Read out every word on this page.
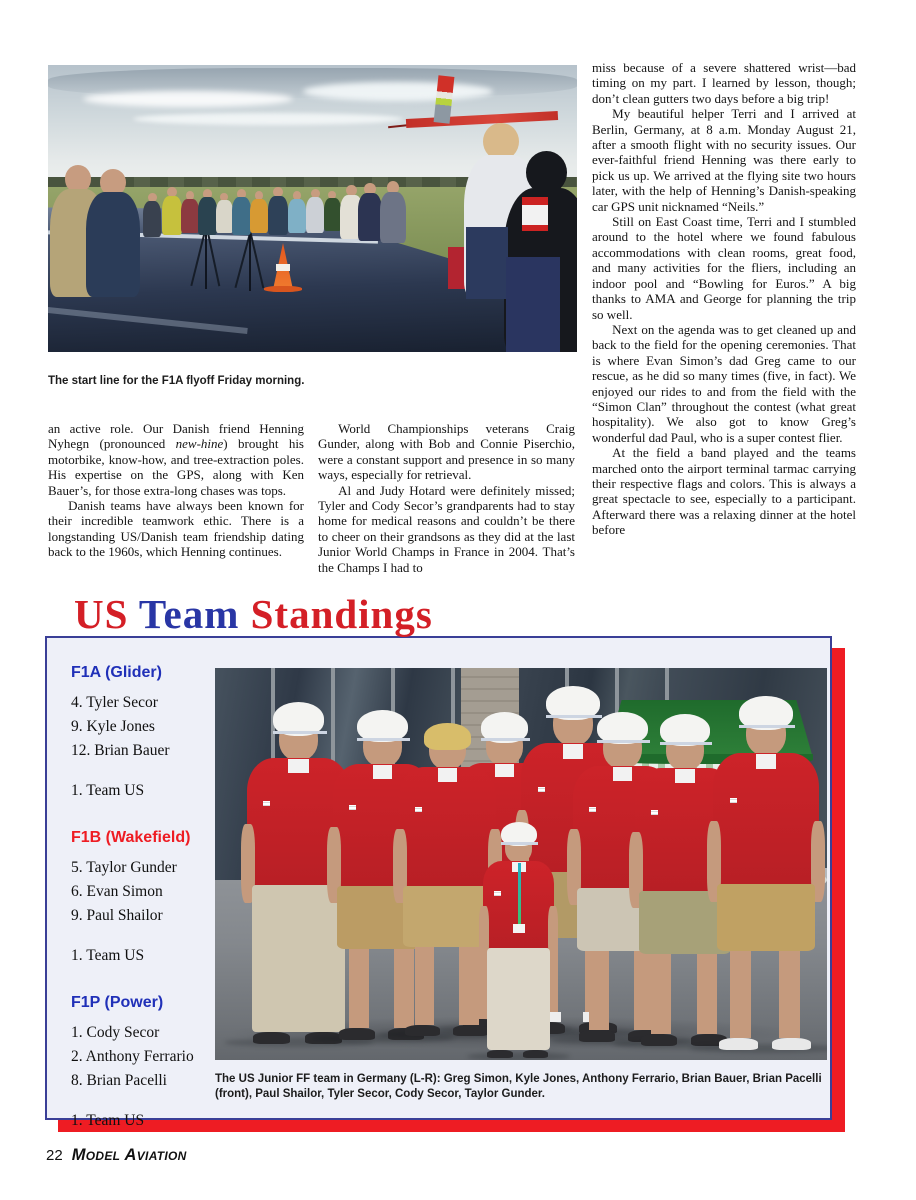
The start line for the F1A flyoff Friday morning.

an active role. Our Danish friend Henning Nyhegn (pronounced new-hine) brought his motorbike, know-how, and tree-extraction poles. His expertise on the GPS, along with Ken Bauer’s, for those extra-long chases was tops.

Danish teams have always been known for their incredible teamwork ethic. There is a longstanding US/Danish team friendship dating back to the 1960s, which Henning continues.

World Championships veterans Craig Gunder, along with Bob and Connie Piserchio, were a constant support and presence in so many ways, especially for retrieval.

Al and Judy Hotard were definitely missed; Tyler and Cody Secor’s grandparents had to stay home for medical reasons and couldn’t be there to cheer on their grandsons as they did at the last Junior World Champs in France in 2004. That’s the Champs I had to

miss because of a severe shattered wrist—bad timing on my part. I learned by lesson, though; don’t clean gutters two days before a big trip!

My beautiful helper Terri and I arrived at Berlin, Germany, at 8 a.m. Monday August 21, after a smooth flight with no security issues. Our ever-faithful friend Henning was there early to pick us up. We arrived at the flying site two hours later, with the help of Henning’s Danish-speaking car GPS unit nicknamed “Neils.”

Still on East Coast time, Terri and I stumbled around to the hotel where we found fabulous accommodations with clean rooms, great food, and many activities for the fliers, including an indoor pool and “Bowling for Euros.” A big thanks to AMA and George for planning the trip so well.

Next on the agenda was to get cleaned up and back to the field for the opening ceremonies. That is where Evan Simon’s dad Greg came to our rescue, as he did so many times (five, in fact). We enjoyed our rides to and from the field with the “Simon Clan” throughout the contest (what great hospitality). We also got to know Greg’s wonderful dad Paul, who is a super contest flier.

At the field a band played and the teams marched onto the airport terminal tarmac carrying their respective flags and colors. This is always a great spectacle to see, especially to a participant. Afterward there was a relaxing dinner at the hotel before

US Team Standings
F1A (Glider)
4. Tyler Secor
9. Kyle Jones
12. Brian Bauer
1. Team US
F1B (Wakefield)
5. Taylor Gunder
6. Evan Simon
9. Paul Shailor
1. Team US
F1P (Power)
1. Cody Secor
2. Anthony Ferrario
8. Brian Pacelli
1. Team US
The US Junior FF team in Germany (L-R): Greg Simon, Kyle Jones, Anthony Ferrario, Brian Bauer, Brian Pacelli (front), Paul Shailor, Tyler Secor, Cody Secor, Taylor Gunder.
22 Model Aviation
